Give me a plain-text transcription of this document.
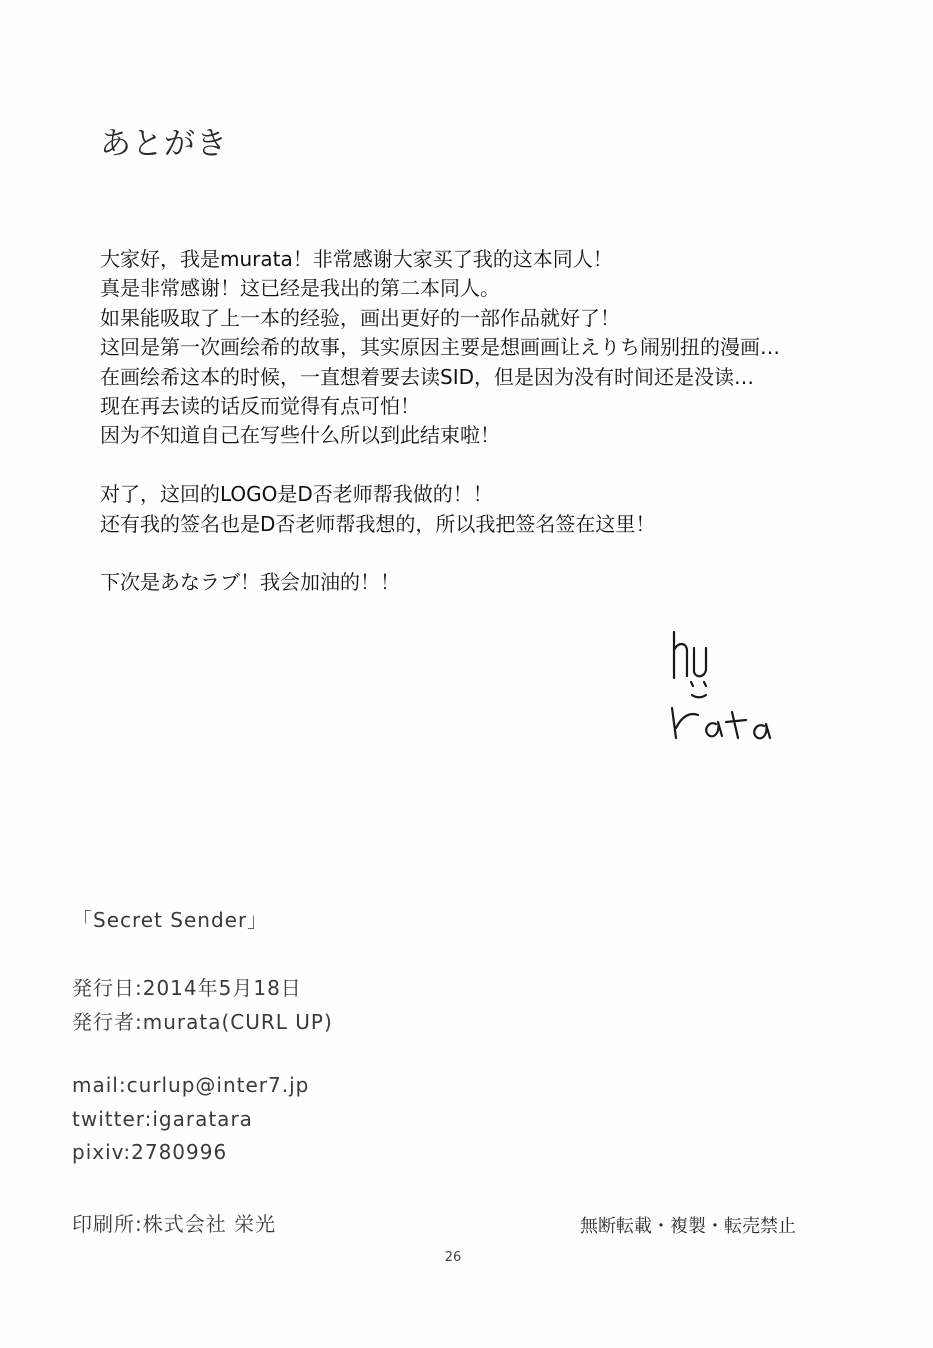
あとがき
大家好，我是murata！非常感谢大家买了我的这本同人！
真是非常感谢！这已经是我出的第二本同人。
如果能吸取了上一本的经验，画出更好的一部作品就好了！
这回是第一次画绘希的故事，其实原因主要是想画画让えりち闹别扭的漫画…
在画绘希这本的时候，一直想着要去读SID，但是因为没有时间还是没读…
现在再去读的话反而觉得有点可怕！
因为不知道自己在写些什么所以到此结束啦！
对了，这回的LOGO是D否老师帮我做的！！
还有我的签名也是D否老师帮我想的，所以我把签名签在这里！
下次是あなラブ！我会加油的！！
「Secret Sender」
発行日:2014年5月18日
発行者:murata(CURL UP)
mail:curlup@inter7.jp
twitter:igaratara
pixiv:2780996
印刷所:株式会社 栄光	無断転載・複製・転売禁止
26
